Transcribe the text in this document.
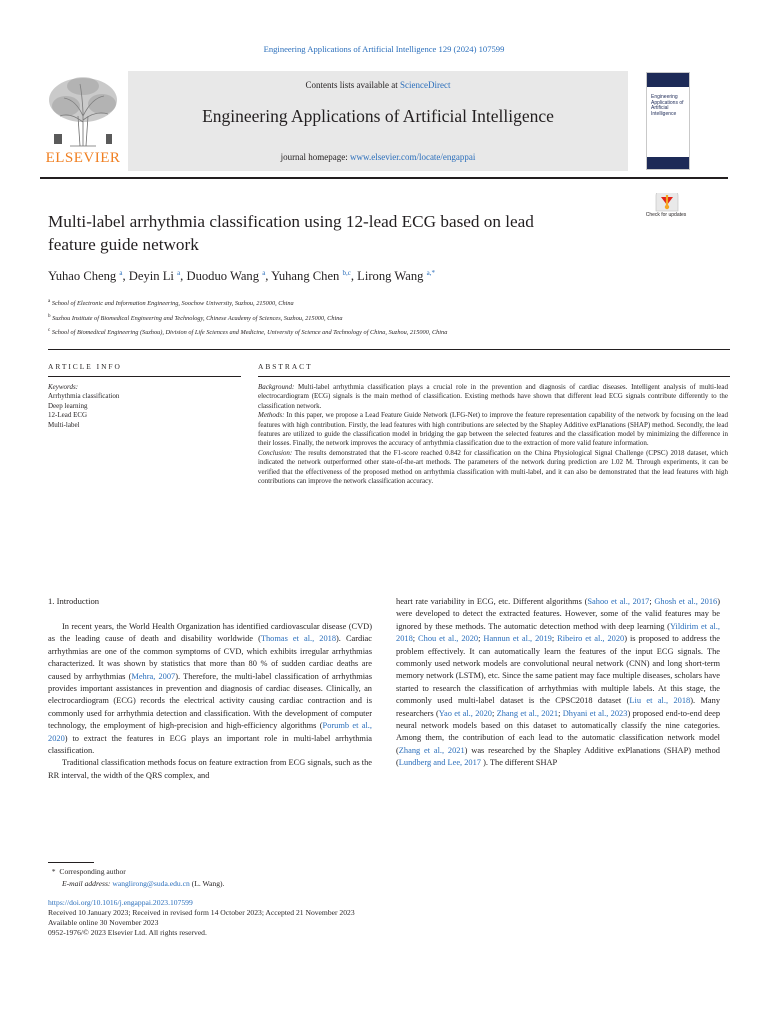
Engineering Applications of Artificial Intelligence 129 (2024) 107599
ELSEVIER
Contents lists available at ScienceDirect
Engineering Applications of Artificial Intelligence
journal homepage: www.elsevier.com/locate/engappai
Engineering Applications of Artificial Intelligence
Multi-label arrhythmia classification using 12-lead ECG based on lead
feature guide network
Check for updates
Yuhao Cheng $^a$, Deyin Li $^a$, Duoduo Wang $^a$, Yuhang Chen $^{b,c}$, Lirong Wang $^{a,*}$
$^a$ School of Electronic and Information Engineering, Soochow University, Suzhou, 215000, China
$^b$ Suzhou Institute of Biomedical Engineering and Technology, Chinese Academy of Sciences, Suzhou, 215000, China
$^c$ School of Biomedical Engineering (Suzhou), Division of Life Sciences and Medicine, University of Science and Technology of China, Suzhou, 215000, China
ARTICLE INFO	ABSTRACT
Keywords:
Arrhythmia classification
Deep learning
12-Lead ECG
Multi-label

Background: Multi-label arrhythmia classification plays a crucial role in the prevention and diagnosis of cardiac diseases. Intelligent analysis of multi-lead electrocardiogram (ECG) signals is the main method of classification. Existing methods have shown that different lead ECG signals contribute differently to the classification network.

Methods: In this paper, we propose a Lead Feature Guide Network (LFG-Net) to improve the feature representation capability of the network by focusing on the lead features with high contribution. Firstly, the lead features with high contributions are selected by the Shapley Additive exPlanations (SHAP) method. Secondly, the lead features are utilized to guide the classification model in bridging the gap between the selected features and the classification model by minimizing the difference in their losses. Finally, the network improves the accuracy of arrhythmia classification due to the extraction of more valid feature information.

Conclusion: The results demonstrated that the F1-score reached 0.842 for classification on the China Physiological Signal Challenge (CPSC) 2018 dataset, which indicated the network outperformed other state-of-the-art methods. The parameters of the network during prediction are 1.02 M. Through experiments, it can be verified that the effectiveness of the proposed method on arrhythmia classification with multi-label, and it can also be demonstrated that the lead features with high contributions can improve the network classification accuracy.

1. Introduction

In recent years, the World Health Organization has identified cardiovascular disease (CVD) as the leading cause of death and disability worldwide (Thomas et al., 2018). Cardiac arrhythmias are one of the common symptoms of CVD, which exhibits irregular arrhythmias characterized. It was shown by statistics that more than 80 % of sudden cardiac deaths are caused by arrhythmias (Mehra, 2007). Therefore, the multi-label classification of arrhythmias provides important assistances in prevention and diagnosis of cardiac diseases. Clinically, an electrocardiogram (ECG) records the electrical activity causing cardiac contraction and is commonly used for arrhythmia detection and classification. With the development of computer technology, the employment of high-precision and high-efficiency algorithms (Porumb et al., 2020) to extract the features in ECG plays an important role in multi-label arrhythmia classification.

Traditional classification methods focus on feature extraction from ECG signals, such as the RR interval, the width of the QRS complex, and

heart rate variability in ECG, etc. Different algorithms (Sahoo et al., 2017; Ghosh et al., 2016) were developed to detect the extracted features. However, some of the valid features may be ignored by these methods. The automatic detection method with deep learning (Yildirim et al., 2018; Chou et al., 2020; Hannun et al., 2019; Ribeiro et al., 2020) is proposed to address the problem effectively. It can automatically learn the features of the input ECG signals. The commonly used network models are convolutional neural network (CNN) and long short-term memory network (LSTM), etc. Since the same patient may face multiple diseases, scholars have started to research the classification of arrhythmias with multiple labels. At this stage, the commonly used multi-label dataset is the CPSC2018 dataset (Liu et al., 2018). Many researchers (Yao et al., 2020; Zhang et al., 2021; Dhyani et al., 2023) proposed end-to-end deep neural network models based on this dataset to automatically classify the nine categories. Among them, the contribution of each lead to the automatic classification network model (Zhang et al., 2021) was researched by the Shapley Additive exPlanations (SHAP) method (Lundberg and Lee, 2017 ). The different SHAP

*  Corresponding author
E-mail address: wanglirong@suda.edu.cn (L. Wang).
https://doi.org/10.1016/j.engappai.2023.107599
Received 10 January 2023; Received in revised form 14 October 2023; Accepted 21 November 2023
Available online 30 November 2023
0952-1976/© 2023 Elsevier Ltd. All rights reserved.
